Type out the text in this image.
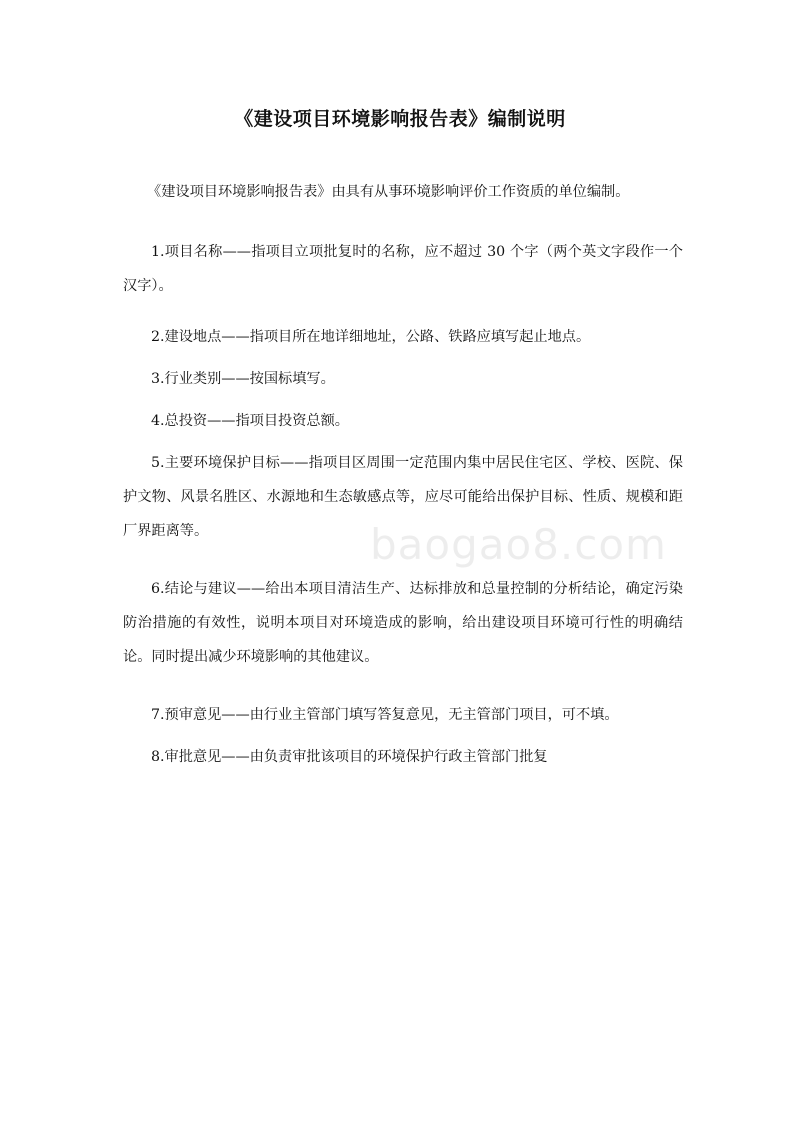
《建设项目环境影响报告表》编制说明
《建设项目环境影响报告表》由具有从事环境影响评价工作资质的单位编制。
1.项目名称——指项目立项批复时的名称，应不超过 30 个字（两个英文字段作一个汉字）。
2.建设地点——指项目所在地详细地址，公路、铁路应填写起止地点。
3.行业类别——按国标填写。
4.总投资——指项目投资总额。
5.主要环境保护目标——指项目区周围一定范围内集中居民住宅区、学校、医院、保护文物、风景名胜区、水源地和生态敏感点等，应尽可能给出保护目标、性质、规模和距厂界距离等。
6.结论与建议——给出本项目清洁生产、达标排放和总量控制的分析结论，确定污染防治措施的有效性，说明本项目对环境造成的影响，给出建设项目环境可行性的明确结论。同时提出减少环境影响的其他建议。
7.预审意见——由行业主管部门填写答复意见，无主管部门项目，可不填。
8.审批意见——由负责审批该项目的环境保护行政主管部门批复
baogao8.com
